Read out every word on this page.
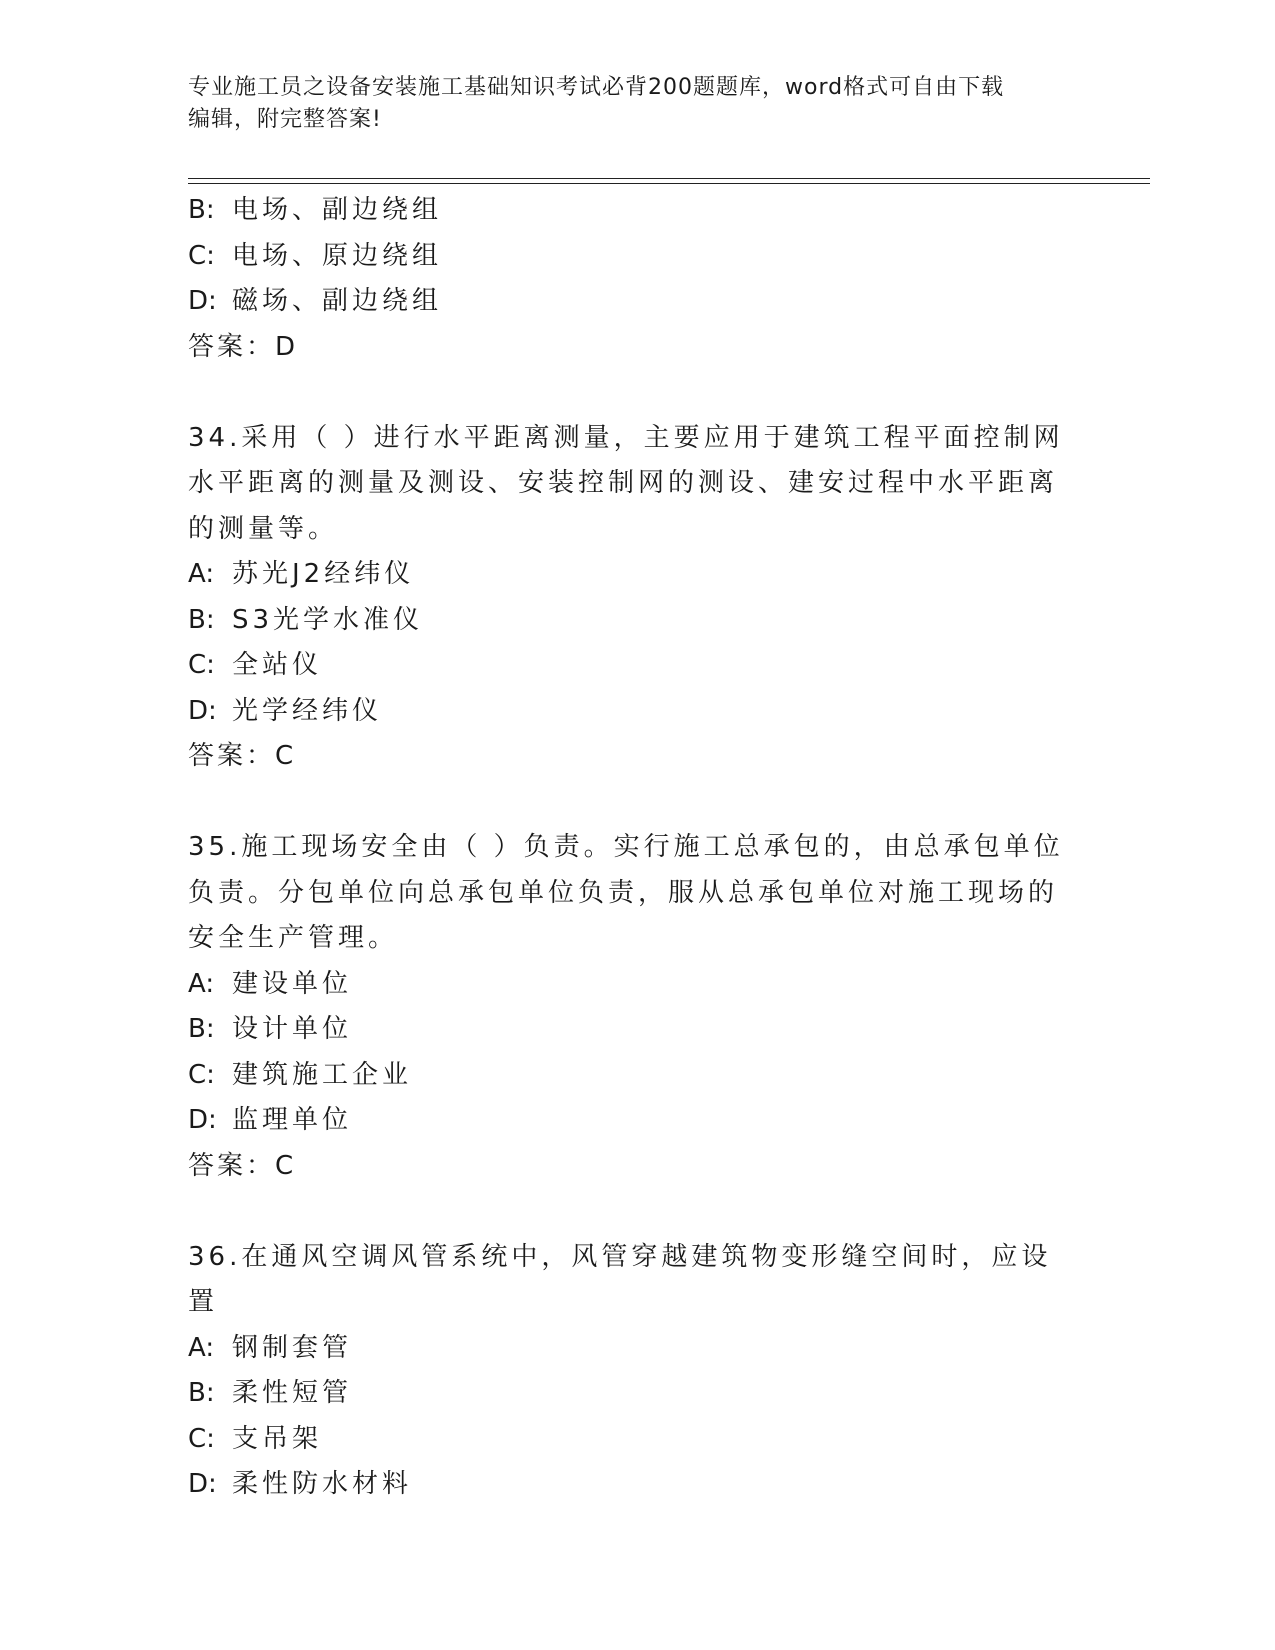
专业施工员之设备安装施工基础知识考试必背200题题库，word格式可自由下载
编辑，附完整答案!
B: 电场、副边绕组
C: 电场、原边绕组
D: 磁场、副边绕组
答案：D
34.采用（ ）进行水平距离测量，主要应用于建筑工程平面控制网水平距离的测量及测设、安装控制网的测设、建安过程中水平距离的测量等。
A: 苏光J2经纬仪
B: S3光学水准仪
C: 全站仪
D: 光学经纬仪
答案：C
35.施工现场安全由（ ）负责。实行施工总承包的，由总承包单位负责。分包单位向总承包单位负责，服从总承包单位对施工现场的安全生产管理。
A: 建设单位
B: 设计单位
C: 建筑施工企业
D: 监理单位
答案：C
36.在通风空调风管系统中，风管穿越建筑物变形缝空间时，应设置
A: 钢制套管
B: 柔性短管
C: 支吊架
D: 柔性防水材料
